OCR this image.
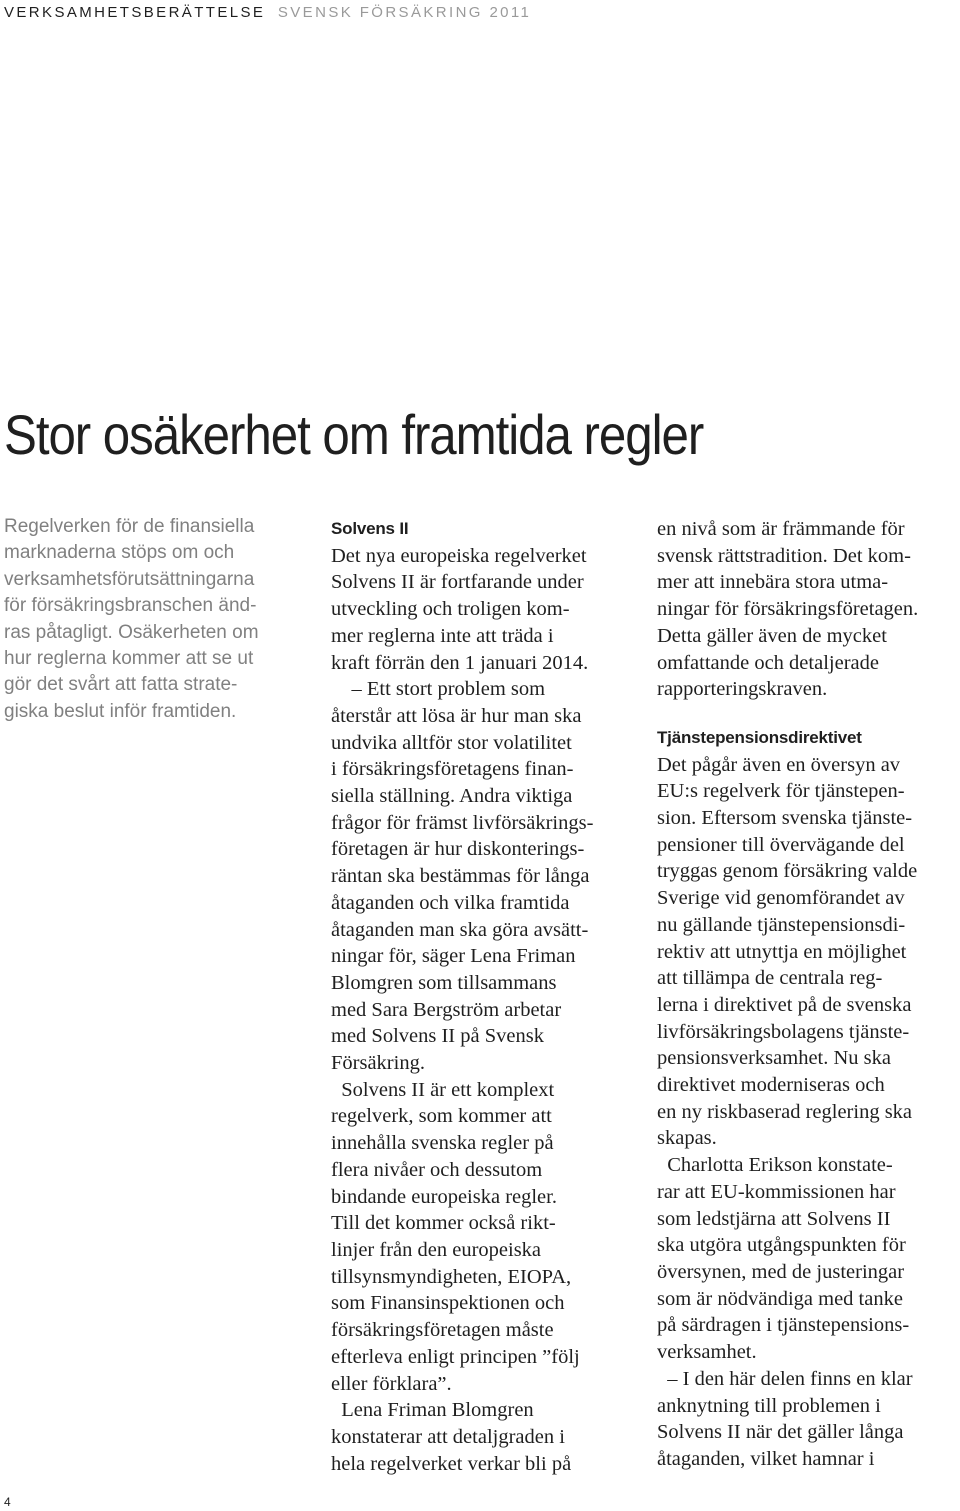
VERKSAMHETSBERÄTTELSE SVENSK FÖRSÄKRING 2011
Stor osäkerhet om framtida regler
Regelverken för de finansiella
marknaderna stöps om och
verksamhetsförutsättningarna
för försäkringsbranschen änd-
ras påtagligt. Osäkerheten om
hur reglerna kommer att se ut
gör det svårt att fatta strate-
giska beslut inför framtiden.
Solvens II
Det nya europeiska regelverket
Solvens II är fortfarande under
utveckling och troligen kom-
mer reglerna inte att träda i
kraft förrän den 1 januari 2014.
 – Ett stort problem som
återstår att lösa är hur man ska
undvika alltför stor volatilitet
i försäkringsföretagens finan-
siella ställning. Andra viktiga
frågor för främst livförsäkrings-
företagen är hur diskonterings-
räntan ska bestämmas för långa
åtaganden och vilka framtida
åtaganden man ska göra avsätt-
ningar för, säger Lena Friman
Blomgren som tillsammans
med Sara Bergström arbetar
med Solvens II på Svensk
Försäkring.
 Solvens II är ett komplext
regelverk, som kommer att
innehålla svenska regler på
flera nivåer och dessutom
bindande europeiska regler.
Till det kommer också rikt-
linjer från den europeiska
tillsynsmyndigheten, EIOPA,
som Finansinspektionen och
försäkringsföretagen måste
efterleva enligt principen ”följ
eller förklara”.
 Lena Friman Blomgren
konstaterar att detaljgraden i
hela regelverket verkar bli på
en nivå som är främmande för
svensk rättstradition. Det kom-
mer att innebära stora utma-
ningar för försäkringsföretagen.
Detta gäller även de mycket
omfattande och detaljerade
rapporteringskraven.
Tjänstepensionsdirektivet
Det pågår även en översyn av
EU:s regelverk för tjänstepen-
sion. Eftersom svenska tjänste-
pensioner till övervägande del
tryggas genom försäkring valde
Sverige vid genomförandet av
nu gällande tjänstepensionsdi-
rektiv att utnyttja en möjlighet
att tillämpa de centrala reg-
lerna i direktivet på de svenska
livförsäkringsbolagens tjänste-
pensionsverksamhet. Nu ska
direktivet moderniseras och
en ny riskbaserad reglering ska
skapas.
 Charlotta Erikson konstate-
rar att EU-kommissionen har
som ledstjärna att Solvens II
ska utgöra utgångspunkten för
översynen, med de justeringar
som är nödvändiga med tanke
på särdragen i tjänstepensions-
verksamhet.
 – I den här delen finns en klar
anknytning till problemen i
Solvens II när det gäller långa
åtaganden, vilket hamnar i
4
